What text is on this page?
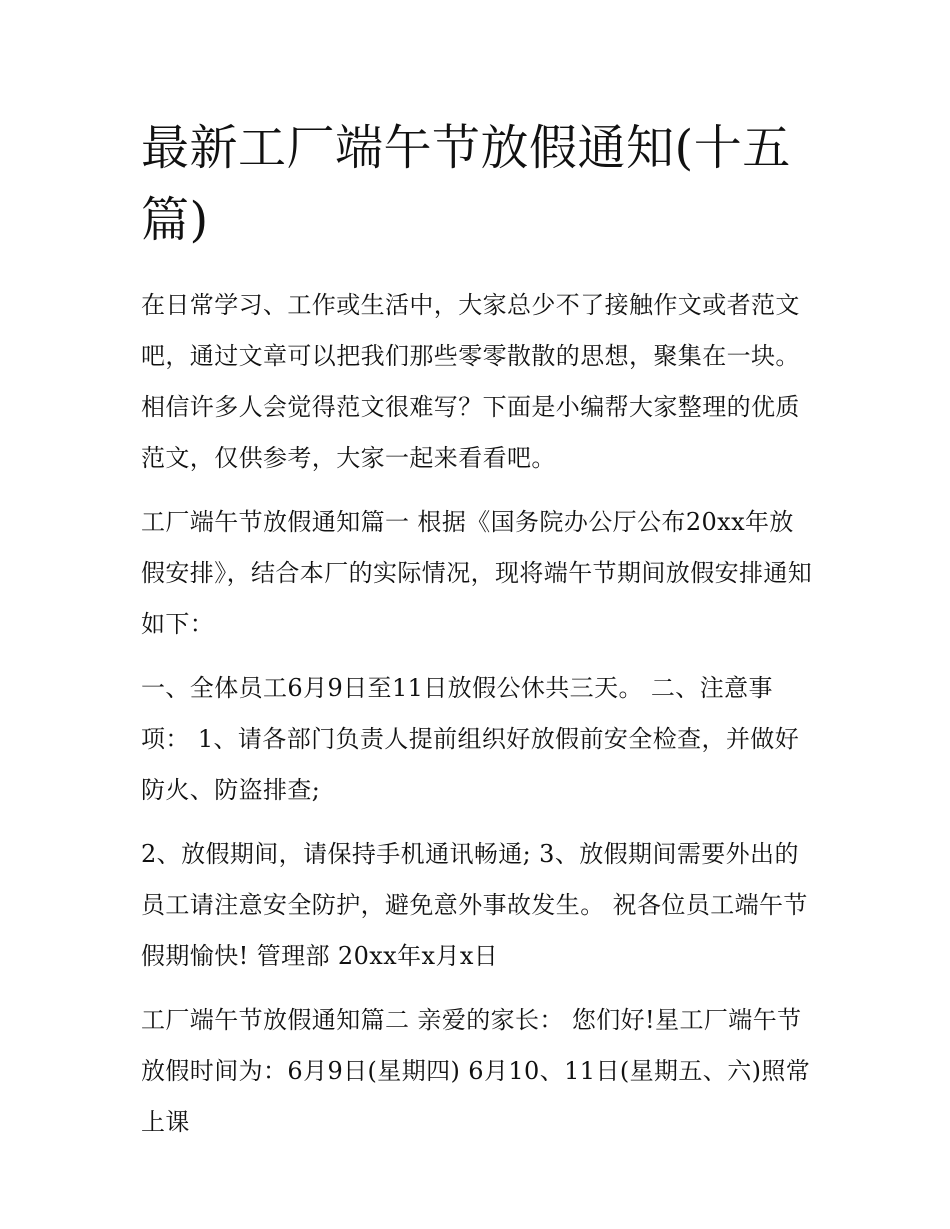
最新工厂端午节放假通知(十五篇)

在日常学习、工作或生活中，大家总少不了接触作文或者范文吧，通过文章可以把我们那些零零散散的思想，聚集在一块。相信许多人会觉得范文很难写？下面是小编帮大家整理的优质范文，仅供参考，大家一起来看看吧。

工厂端午节放假通知篇一 根据《国务院办公厅公布20xx年放假安排》，结合本厂的实际情况，现将端午节期间放假安排通知如下：

一、全体员工6月9日至11日放假公休共三天。 二、注意事项： 1、请各部门负责人提前组织好放假前安全检查，并做好防火、防盗排查;

2、放假期间，请保持手机通讯畅通; 3、放假期间需要外出的员工请注意安全防护，避免意外事故发生。 祝各位员工端午节假期愉快! 管理部 20xx年x月x日

工厂端午节放假通知篇二 亲爱的家长： 您们好!星工厂端午节放假时间为：6月9日(星期四) 6月10、11日(星期五、六)照常上课
